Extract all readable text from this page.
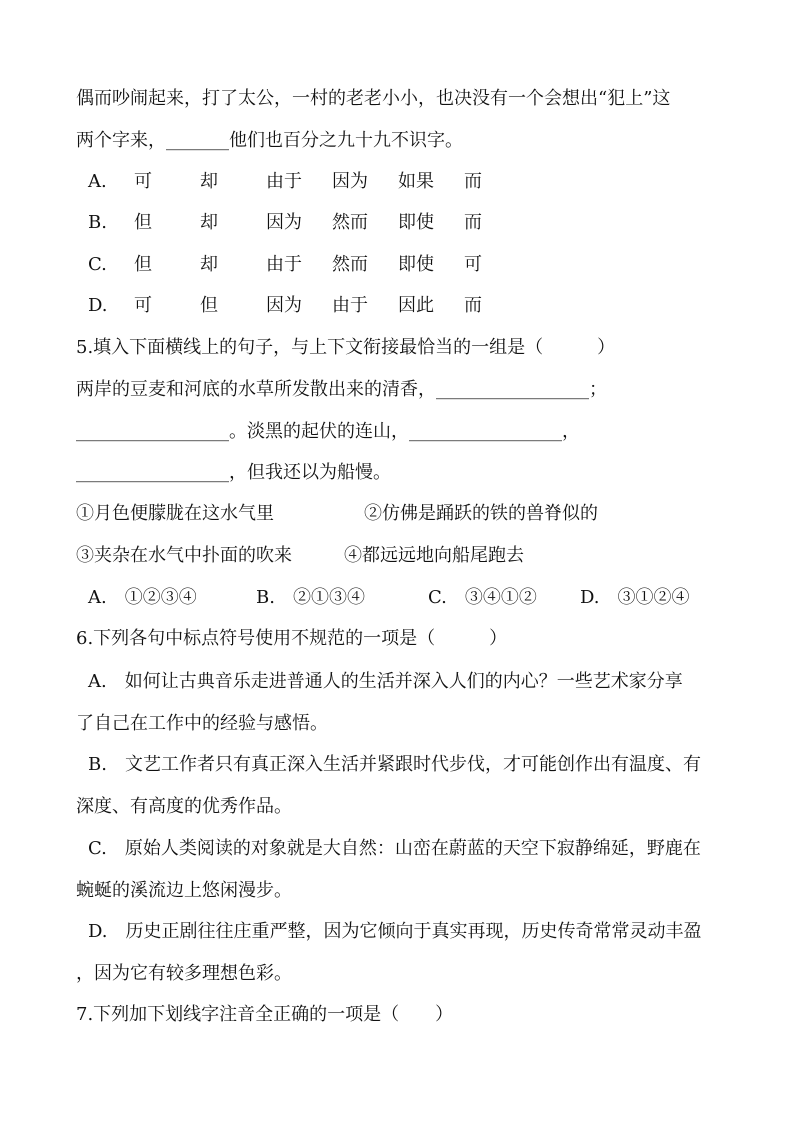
偶而吵闹起来，打了太公，一村的老老小小，也决没有一个会想出“犯上”这
两个字来，_______他们也百分之九十九不识字。
A.	可	却	由于	因为	如果	而
B.	但	却	因为	然而	即使	而
C.	但	却	由于	然而	即使	可
D.	可	但	因为	由于	因此	而
5.填入下面横线上的句子，与上下文衔接最恰当的一组是（　　　）
两岸的豆麦和河底的水草所发散出来的清香，_________________；
_________________。淡黑的起伏的连山，_________________，
_________________，但我还以为船慢。
①月色便朦胧在这水气里	②仿佛是踊跃的铁的兽脊似的
③夹杂在水气中扑面的吹来	④都远远地向船尾跑去
A.　 ①②③④	B.　 ②①③④	C.　 ③④①② D.　 ③①②④
6.下列各句中标点符号使用不规范的一项是（　　　）
A.　如何让古典音乐走进普通人的生活并深入人们的内心？一些艺术家分享
了自己在工作中的经验与感悟。
B.　文艺工作者只有真正深入生活并紧跟时代步伐，才可能创作出有温度、有
深度、有高度的优秀作品。
C.　原始人类阅读的对象就是大自然：山峦在蔚蓝的天空下寂静绵延，野鹿在
蜿蜒的溪流边上悠闲漫步。
D.　历史正剧往往庄重严整，因为它倾向于真实再现，历史传奇常常灵动丰盈
，因为它有较多理想色彩。
7.下列加下划线字注音全正确的一项是（　　）
